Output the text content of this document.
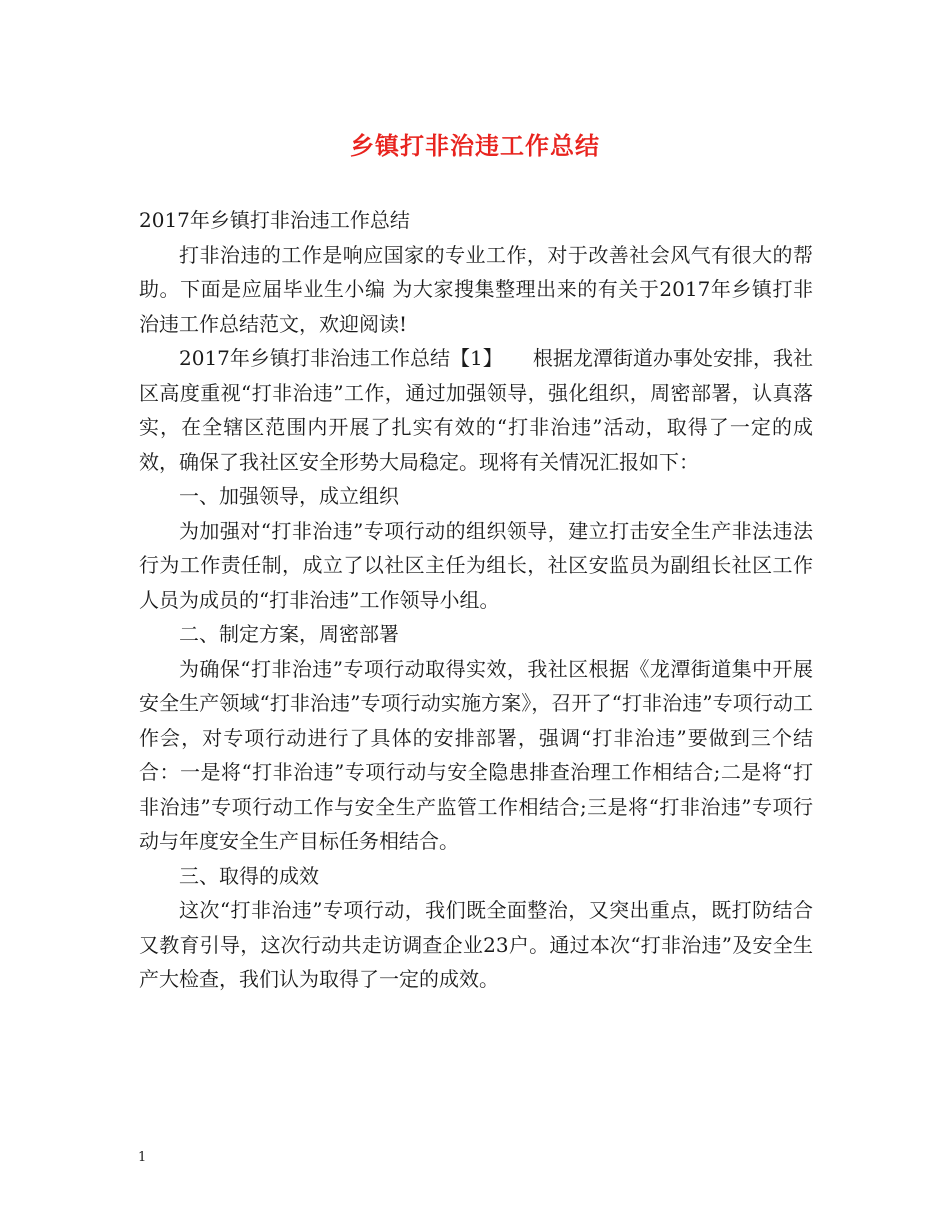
乡镇打非治违工作总结

2017年乡镇打非治违工作总结

打非治违的工作是响应国家的专业工作，对于改善社会风气有很大的帮助。下面是应届毕业生小编 为大家搜集整理出来的有关于2017年乡镇打非治违工作总结范文，欢迎阅读!

2017年乡镇打非治违工作总结【1】　　根据龙潭街道办事处安排，我社区高度重视“打非治违”工作，通过加强领导，强化组织，周密部署，认真落实，在全辖区范围内开展了扎实有效的“打非治违”活动，取得了一定的成效，确保了我社区安全形势大局稳定。现将有关情况汇报如下：

一、加强领导，成立组织

为加强对“打非治违”专项行动的组织领导，建立打击安全生产非法违法行为工作责任制，成立了以社区主任为组长，社区安监员为副组长社区工作人员为成员的“打非治违”工作领导小组。

二、制定方案，周密部署

为确保“打非治违”专项行动取得实效，我社区根据《龙潭街道集中开展安全生产领域“打非治违”专项行动实施方案》，召开了“打非治违”专项行动工作会，对专项行动进行了具体的安排部署，强调“打非治违”要做到三个结合：一是将“打非治违”专项行动与安全隐患排查治理工作相结合;二是将“打非治违”专项行动工作与安全生产监管工作相结合;三是将“打非治违”专项行动与年度安全生产目标任务相结合。

三、取得的成效

这次“打非治违”专项行动，我们既全面整治，又突出重点，既打防结合又教育引导，这次行动共走访调查企业23户。通过本次“打非治违”及安全生产大检查，我们认为取得了一定的成效。

1
